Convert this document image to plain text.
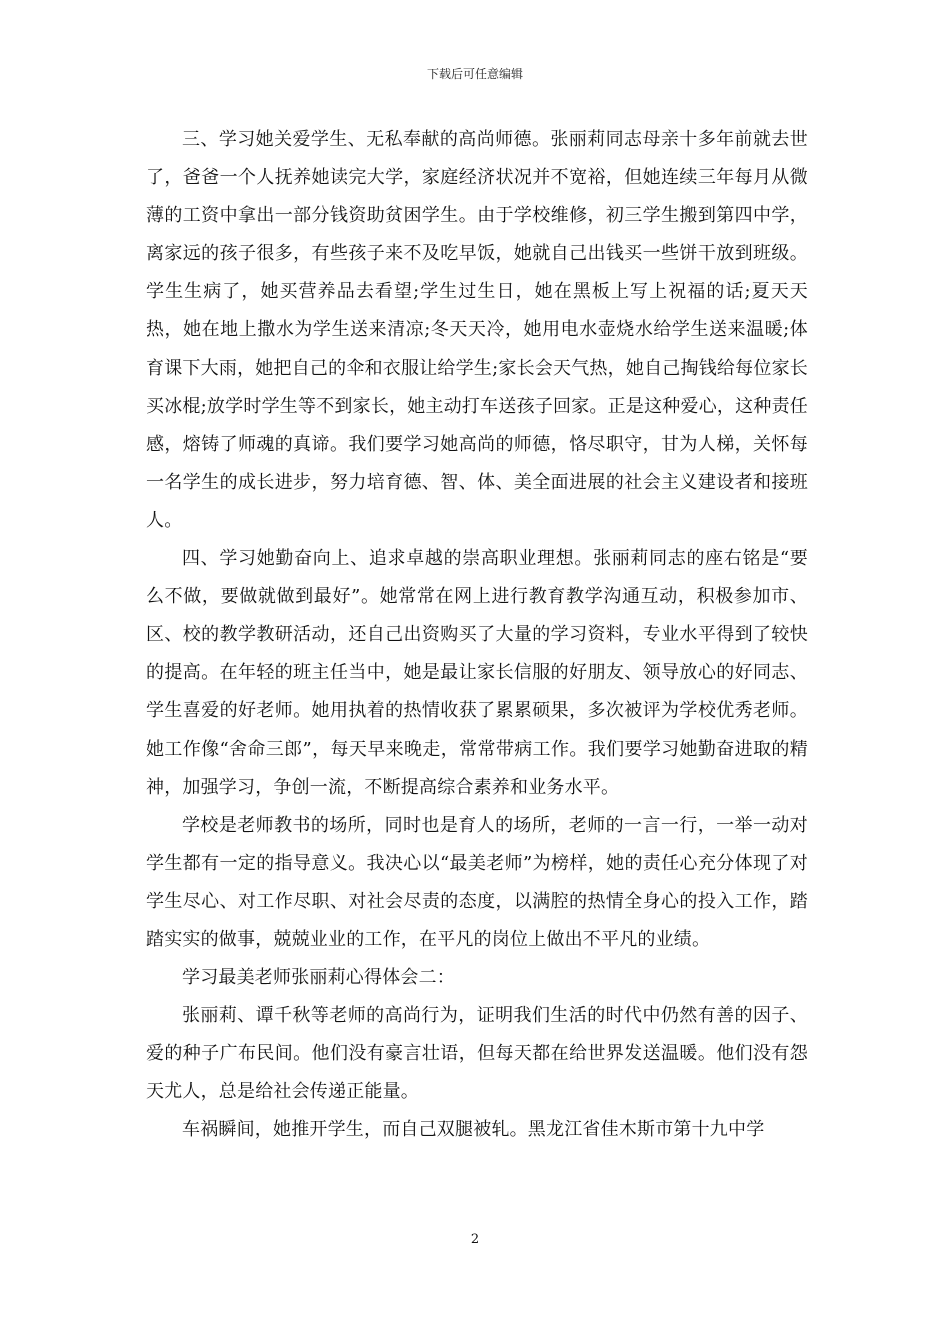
下载后可任意编辑

三、学习她关爱学生、无私奉献的高尚师德。张丽莉同志母亲十多年前就去世了，爸爸一个人抚养她读完大学，家庭经济状况并不宽裕，但她连续三年每月从微薄的工资中拿出一部分钱资助贫困学生。由于学校维修，初三学生搬到第四中学，离家远的孩子很多，有些孩子来不及吃早饭，她就自己出钱买一些饼干放到班级。学生生病了，她买营养品去看望;学生过生日，她在黑板上写上祝福的话;夏天天热，她在地上撒水为学生送来清凉;冬天天冷，她用电水壶烧水给学生送来温暖;体育课下大雨，她把自己的伞和衣服让给学生;家长会天气热，她自己掏钱给每位家长买冰棍;放学时学生等不到家长，她主动打车送孩子回家。正是这种爱心，这种责任感，熔铸了师魂的真谛。我们要学习她高尚的师德，恪尽职守，甘为人梯，关怀每一名学生的成长进步，努力培育德、智、体、美全面进展的社会主义建设者和接班人。

四、学习她勤奋向上、追求卓越的崇高职业理想。张丽莉同志的座右铭是“要么不做，要做就做到最好”。她常常在网上进行教育教学沟通互动，积极参加市、区、校的教学教研活动，还自己出资购买了大量的学习资料，专业水平得到了较快的提高。在年轻的班主任当中，她是最让家长信服的好朋友、领导放心的好同志、学生喜爱的好老师。她用执着的热情收获了累累硕果，多次被评为学校优秀老师。她工作像“舍命三郎”，每天早来晚走，常常带病工作。我们要学习她勤奋进取的精神，加强学习，争创一流，不断提高综合素养和业务水平。

学校是老师教书的场所，同时也是育人的场所，老师的一言一行，一举一动对学生都有一定的指导意义。我决心以“最美老师”为榜样，她的责任心充分体现了对学生尽心、对工作尽职、对社会尽责的态度，以满腔的热情全身心的投入工作，踏踏实实的做事，兢兢业业的工作，在平凡的岗位上做出不平凡的业绩。

学习最美老师张丽莉心得体会二：

张丽莉、谭千秋等老师的高尚行为，证明我们生活的时代中仍然有善的因子、爱的种子广布民间。他们没有豪言壮语，但每天都在给世界发送温暖。他们没有怨天尤人，总是给社会传递正能量。

车祸瞬间，她推开学生，而自己双腿被轧。黑龙江省佳木斯市第十九中学

2
